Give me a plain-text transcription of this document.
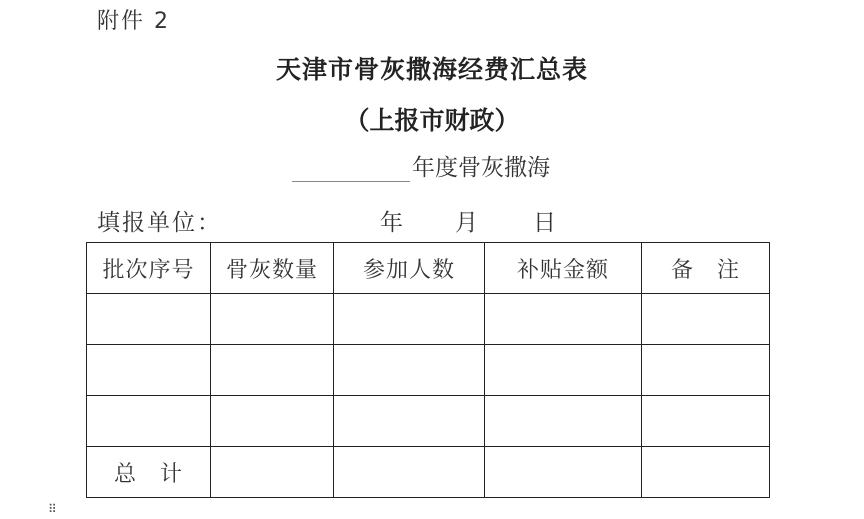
附件 2
天津市骨灰撒海经费汇总表
（上报市财政）
年度骨灰撒海
填报单位：	年 月 日
批次序号	骨灰数量	参加人数	补贴金额	备　注

总　计				
⠿
